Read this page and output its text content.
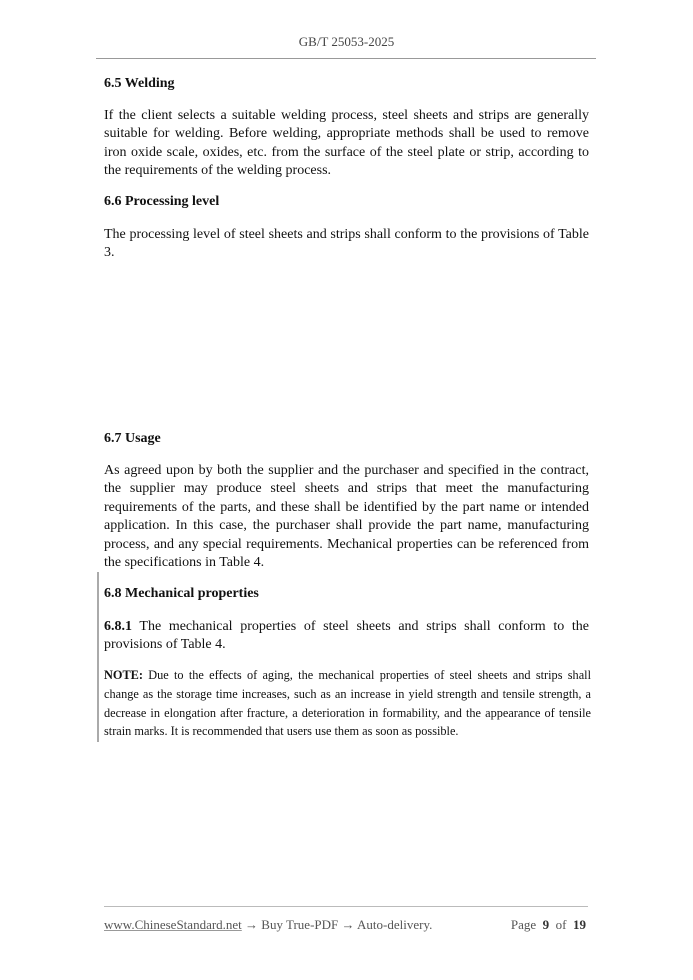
GB/T 25053-2025
6.5 Welding
If the client selects a suitable welding process, steel sheets and strips are generally suitable for welding. Before welding, appropriate methods shall be used to remove iron oxide scale, oxides, etc. from the surface of the steel plate or strip, according to the requirements of the welding process.
6.6 Processing level
The processing level of steel sheets and strips shall conform to the provisions of Table 3.
6.7 Usage
As agreed upon by both the supplier and the purchaser and specified in the contract, the supplier may produce steel sheets and strips that meet the manufacturing requirements of the parts, and these shall be identified by the part name or intended application. In this case, the purchaser shall provide the part name, manufacturing process, and any special requirements. Mechanical properties can be referenced from the specifications in Table 4.
6.8 Mechanical properties
6.8.1 The mechanical properties of steel sheets and strips shall conform to the provisions of Table 4.
NOTE: Due to the effects of aging, the mechanical properties of steel sheets and strips shall change as the storage time increases, such as an increase in yield strength and tensile strength, a decrease in elongation after fracture, a deterioration in formability, and the appearance of tensile strain marks. It is recommended that users use them as soon as possible.
www.ChineseStandard.net → Buy True-PDF → Auto-delivery.	Page 9 of 19
